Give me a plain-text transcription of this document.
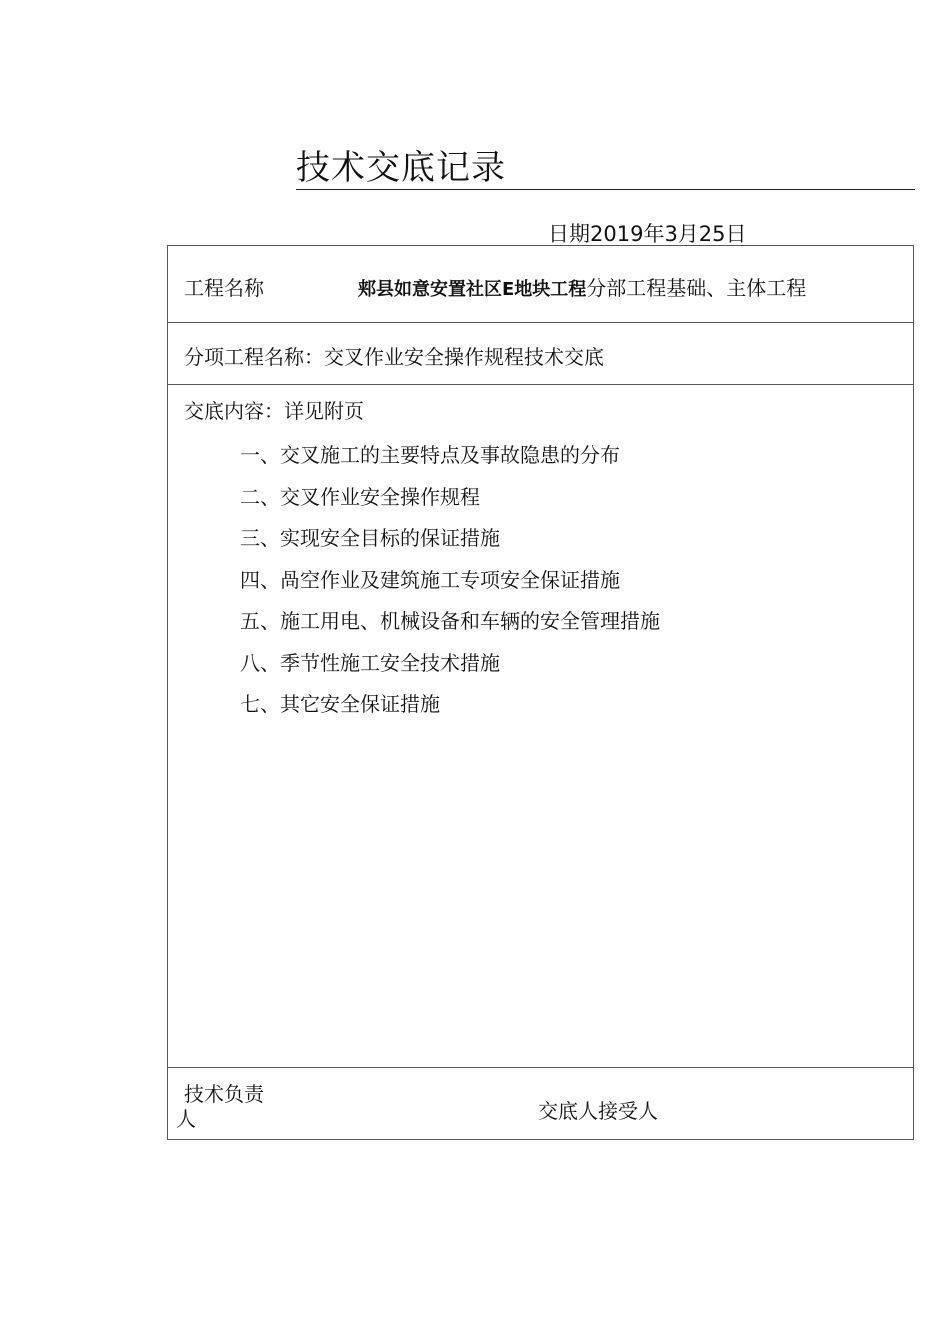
技术交底记录
日期2019年3月25日
工程名称	郏县如意安置社区E地块工程分部工程基础、主体工程
分项工程名称：交叉作业安全操作规程技术交底
交底内容：详见附页
一、交叉施工的主要特点及事故隐患的分布
二、交叉作业安全操作规程
三、实现安全目标的保证措施
四、咼空作业及建筑施工专项安全保证措施
五、施工用电、机械设备和车辆的安全管理措施
八、季节性施工安全技术措施
七、其它安全保证措施
技术负责
人	交底人接受人
